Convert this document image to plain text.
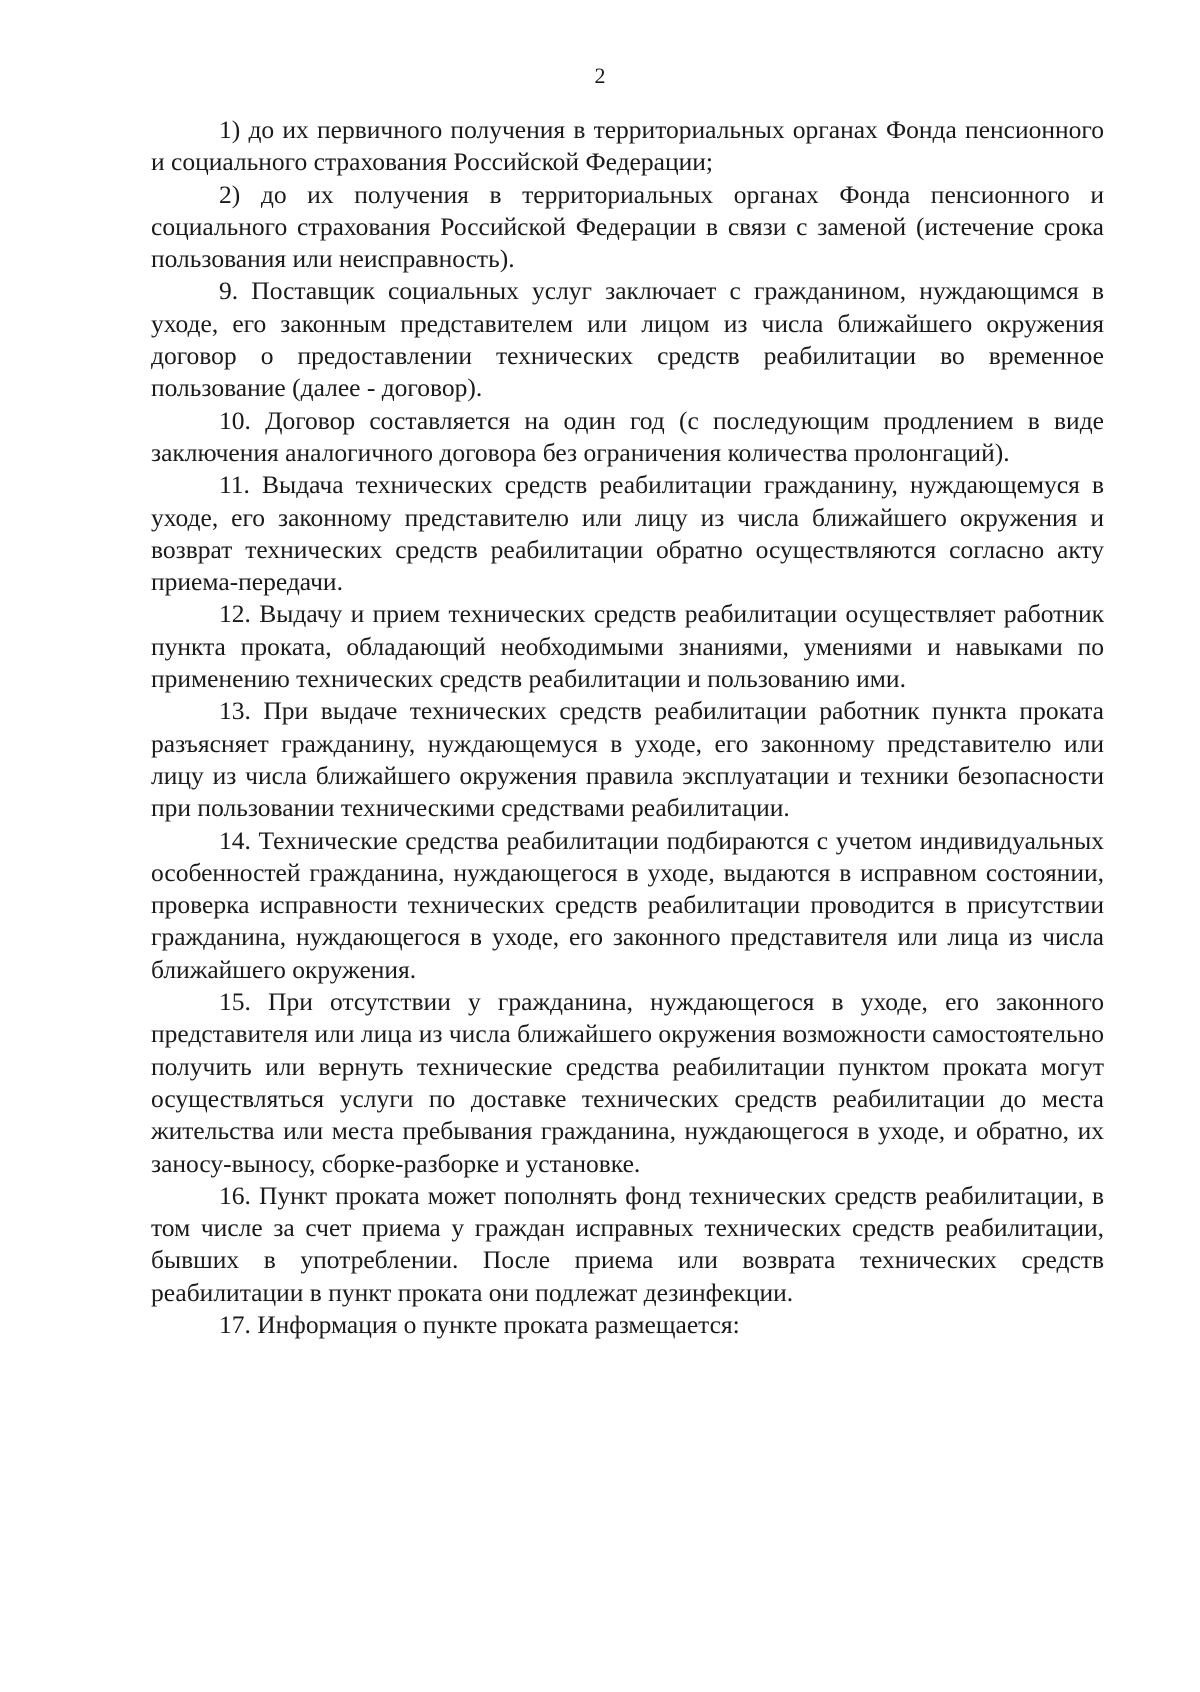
2

1) до их первичного получения в территориальных органах Фонда пенсионного и социального страхования Российской Федерации;

2) до их получения в территориальных органах Фонда пенсионного и социального страхования Российской Федерации в связи с заменой (истечение срока пользования или неисправность).

9. Поставщик социальных услуг заключает с гражданином, нуждающимся в уходе, его законным представителем или лицом из числа ближайшего окружения договор о предоставлении технических средств реабилитации во временное пользование (далее - договор).

10. Договор составляется на один год (с последующим продлением в виде заключения аналогичного договора без ограничения количества пролонгаций).

11. Выдача технических средств реабилитации гражданину, нуждающемуся в уходе, его законному представителю или лицу из числа ближайшего окружения и возврат технических средств реабилитации обратно осуществляются согласно акту приема-передачи.

12. Выдачу и прием технических средств реабилитации осуществляет работник пункта проката, обладающий необходимыми знаниями, умениями и навыками по применению технических средств реабилитации и пользованию ими.

13. При выдаче технических средств реабилитации работник пункта проката разъясняет гражданину, нуждающемуся в уходе, его законному представителю или лицу из числа ближайшего окружения правила эксплуатации и техники безопасности при пользовании техническими средствами реабилитации.

14. Технические средства реабилитации подбираются с учетом индивидуальных особенностей гражданина, нуждающегося в уходе, выдаются в исправном состоянии, проверка исправности технических средств реабилитации проводится в присутствии гражданина, нуждающегося в уходе, его законного представителя или лица из числа ближайшего окружения.

15. При отсутствии у гражданина, нуждающегося в уходе, его законного представителя или лица из числа ближайшего окружения возможности самостоятельно получить или вернуть технические средства реабилитации пунктом проката могут осуществляться услуги по доставке технических средств реабилитации до места жительства или места пребывания гражданина, нуждающегося в уходе, и обратно, их заносу-выносу, сборке-разборке и установке.

16. Пункт проката может пополнять фонд технических средств реабилитации, в том числе за счет приема у граждан исправных технических средств реабилитации, бывших в употреблении. После приема или возврата технических средств реабилитации в пункт проката они подлежат дезинфекции.

17. Информация о пункте проката размещается:
